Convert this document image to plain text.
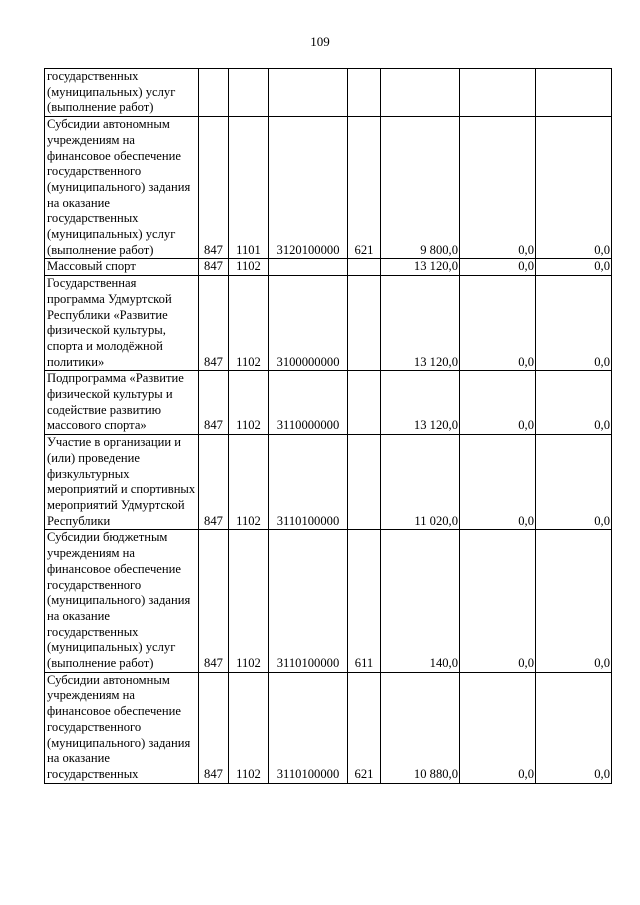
109
государственных (муниципальных) услуг (выполнение работ)							
Субсидии автономным учреждениям на финансовое обеспечение государственного (муниципального) задания на оказание государственных (муниципальных) услуг (выполнение работ)	847	1101	3120100000	621	9 800,0	0,0	0,0
Массовый спорт	847	1102			13 120,0	0,0	0,0
Государственная программа Удмуртской Республики «Развитие физической культуры, спорта и молодёжной политики»	847	1102	3100000000		13 120,0	0,0	0,0
Подпрограмма «Развитие физической культуры и содействие развитию массового спорта»	847	1102	3110000000		13 120,0	0,0	0,0
Участие в организации и (или) проведение физкультурных мероприятий и спортивных мероприятий Удмуртской Республики	847	1102	3110100000		11 020,0	0,0	0,0
Субсидии бюджетным учреждениям на финансовое обеспечение государственного (муниципального) задания на оказание государственных (муниципальных) услуг (выполнение работ)	847	1102	3110100000	611	140,0	0,0	0,0
Субсидии автономным учреждениям на финансовое обеспечение государственного (муниципального) задания на оказание государственных	847	1102	3110100000	621	10 880,0	0,0	0,0
